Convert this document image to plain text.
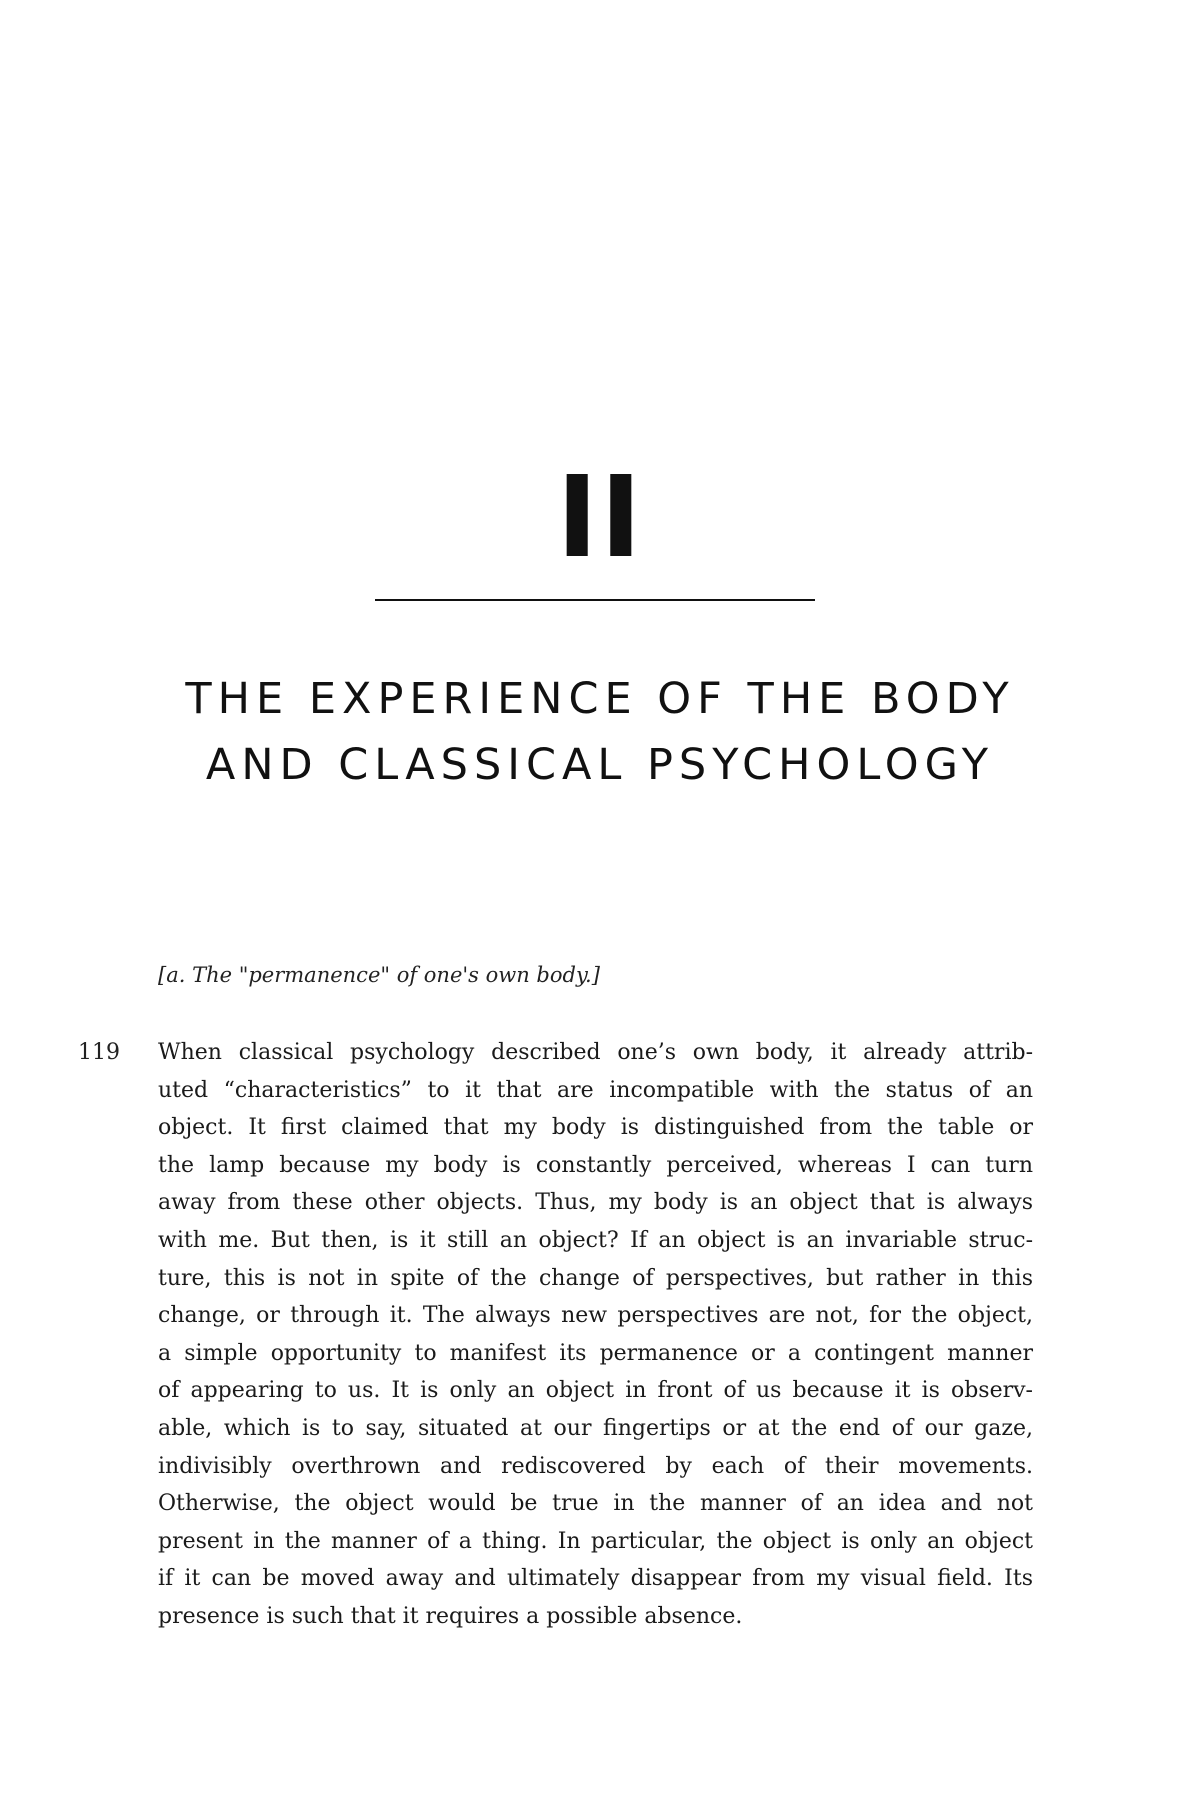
II
THE EXPERIENCE OF THE BODY AND CLASSICAL PSYCHOLOGY
[a. The "permanence" of one's own body.]
119 When classical psychology described one’s own body, it already attrib-
uted “characteristics” to it that are incompatible with the status of an
object. It first claimed that my body is distinguished from the table or
the lamp because my body is constantly perceived, whereas I can turn
away from these other objects. Thus, my body is an object that is always
with me. But then, is it still an object? If an object is an invariable struc-
ture, this is not in spite of the change of perspectives, but rather in this
change, or through it. The always new perspectives are not, for the object,
a simple opportunity to manifest its permanence or a contingent manner
of appearing to us. It is only an object in front of us because it is observ-
able, which is to say, situated at our fingertips or at the end of our gaze,
indivisibly overthrown and rediscovered by each of their movements.
Otherwise, the object would be true in the manner of an idea and not
present in the manner of a thing. In particular, the object is only an object
if it can be moved away and ultimately disappear from my visual field. Its
presence is such that it requires a possible absence.
